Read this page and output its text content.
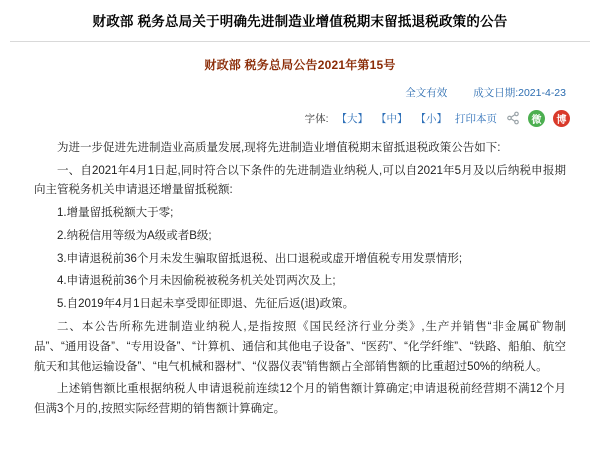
财政部 税务总局关于明确先进制造业增值税期末留抵退税政策的公告
财政部 税务总局公告2021年第15号
全文有效 成文日期:2021-4-23
字体: 【大】 【中】 【小】 打印本页	微	博

为进一步促进先进制造业高质量发展,现将先进制造业增值税期末留抵退税政策公告如下:

一、自2021年4月1日起,同时符合以下条件的先进制造业纳税人,可以自2021年5月及以后纳税申报期向主管税务机关申请退还增量留抵税额:

1.增量留抵税额大于零;

2.纳税信用等级为A级或者B级;

3.申请退税前36个月未发生骗取留抵退税、出口退税或虚开增值税专用发票情形;

4.申请退税前36个月未因偷税被税务机关处罚两次及上;

5.自2019年4月1日起未享受即征即退、先征后返(退)政策。

二、本公告所称先进制造业纳税人,是指按照《国民经济行业分类》,生产并销售“非金属矿物制品”、“通用设备”、“专用设备”、“计算机、通信和其他电子设备”、“医药”、“化学纤维”、“铁路、船舶、航空航天和其他运输设备”、“电气机械和器材”、“仪器仪表”销售额占全部销售额的比重超过50%的纳税人。

上述销售额比重根据纳税人申请退税前连续12个月的销售额计算确定;申请退税前经营期不满12个月但满3个月的,按照实际经营期的销售额计算确定。
